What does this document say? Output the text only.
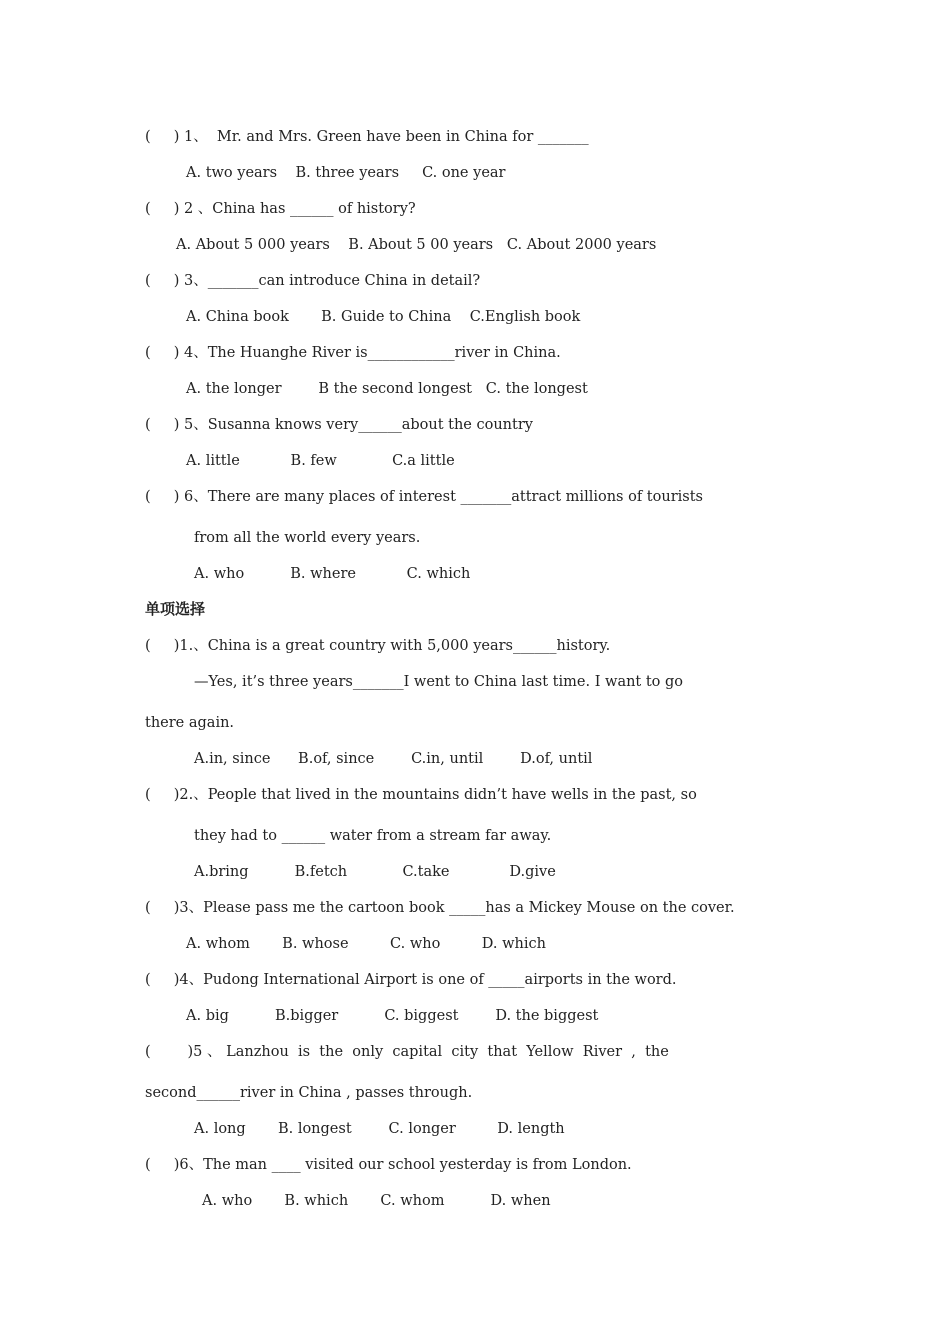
(     ) 1、  Mr. and Mrs. Green have been in China for _______
A. two years    B. three years     C. one year
(     ) 2 、China has ______ of history?
A. About 5 000 years    B. About 5 00 years   C. About 2000 years
(     ) 3、_______can introduce China in detail?
A. China book       B. Guide to China    C.English book
(     ) 4、The Huanghe River is____________river in China.
A. the longer        B the second longest   C. the longest
(     ) 5、Susanna knows very______about the country
A. little           B. few            C.a little
(     ) 6、There are many places of interest _______attract millions of tourists
from all the world every years.
A. who          B. where           C. which
单项选择
(     )1.、China is a great country with 5,000 years______history.
—Yes, it’s three years_______I went to China last time. I want to go
there again.
A.in, since      B.of, since        C.in, until        D.of, until
(     )2.、People that lived in the mountains didn’t have wells in the past, so
they had to ______ water from a stream far away.
A.bring          B.fetch            C.take             D.give
(     )3、Please pass me the cartoon book _____has a Mickey Mouse on the cover.
A. whom       B. whose         C. who         D. which
(     )4、Pudong International Airport is one of _____airports in the word.
A. big          B.bigger          C. biggest        D. the biggest
(        )5 、 Lanzhou  is  the  only  capital  city  that  Yellow  River  ,  the
second______river in China , passes through.
A. long       B. longest        C. longer         D. length
(     )6、The man ____ visited our school yesterday is from London.
A. who       B. which       C. whom          D. when
